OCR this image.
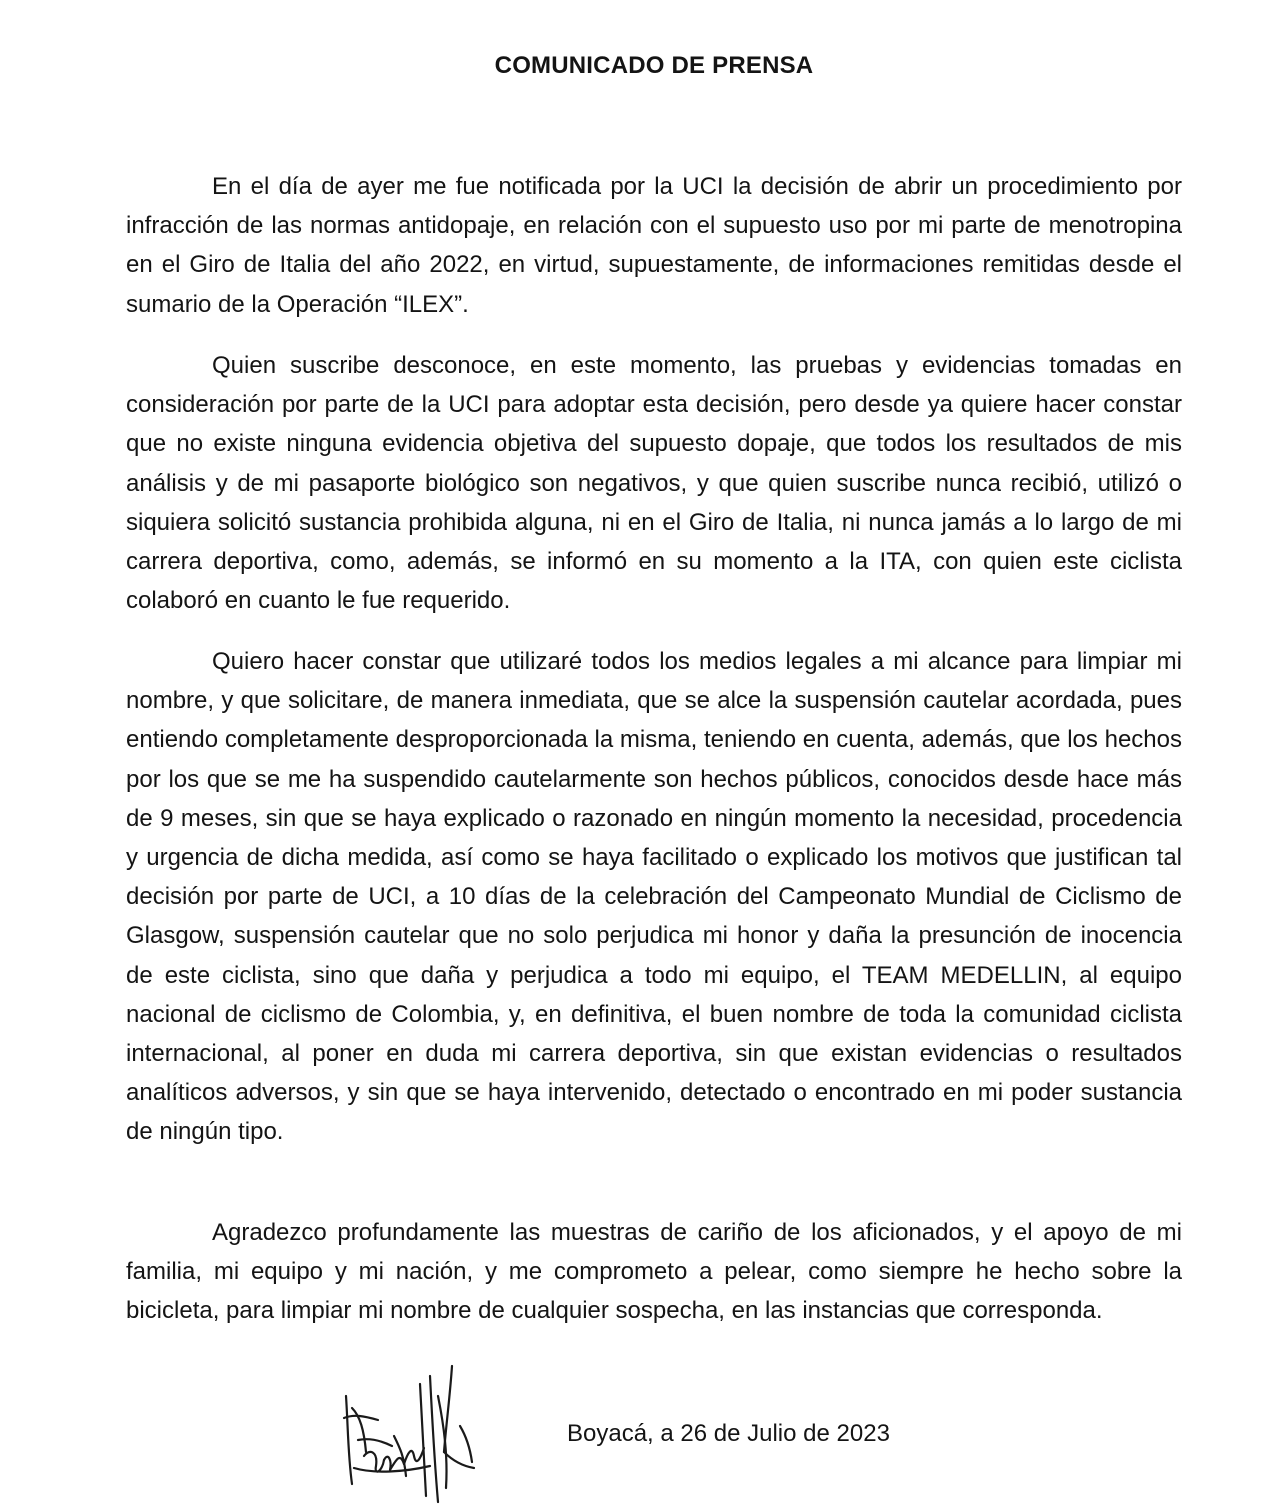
COMUNICADO DE PRENSA

En el día de ayer me fue notificada por la UCI la decisión de abrir un procedimiento por infracción de las normas antidopaje, en relación con el supuesto uso por mi parte de menotropina en el Giro de Italia del año 2022, en virtud, supuestamente, de informaciones remitidas desde el sumario de la Operación “ILEX”.

Quien suscribe desconoce, en este momento, las pruebas y evidencias tomadas en consideración por parte de la UCI para adoptar esta decisión, pero desde ya quiere hacer constar que no existe ninguna evidencia objetiva del supuesto dopaje, que todos los resultados de mis análisis y de mi pasaporte biológico son negativos, y que quien suscribe nunca recibió, utilizó o siquiera solicitó sustancia prohibida alguna, ni en el Giro de Italia, ni nunca jamás a lo largo de mi carrera deportiva, como, además, se informó en su momento a la ITA, con quien este ciclista colaboró en cuanto le fue requerido.

Quiero hacer constar que utilizaré todos los medios legales a mi alcance para limpiar mi nombre, y que solicitare, de manera inmediata, que se alce la suspensión cautelar acordada, pues entiendo completamente desproporcionada la misma, teniendo en cuenta, además, que los hechos por los que se me ha suspendido cautelarmente son hechos públicos, conocidos desde hace más de 9 meses, sin que se haya explicado o razonado en ningún momento la necesidad, procedencia y urgencia de dicha medida, así como se haya facilitado o explicado los motivos que justifican tal decisión por parte de UCI, a 10 días de la celebración del Campeonato Mundial de Ciclismo de Glasgow, suspensión cautelar que no solo perjudica mi honor y daña la presunción de inocencia de este ciclista, sino que daña y perjudica a todo mi equipo, el TEAM MEDELLIN, al equipo nacional de ciclismo de Colombia, y, en definitiva, el buen nombre de toda la comunidad ciclista internacional, al poner en duda mi carrera deportiva, sin que existan evidencias o resultados analíticos adversos, y sin que se haya intervenido, detectado o encontrado en mi poder sustancia de ningún tipo.

Agradezco profundamente las muestras de cariño de los aficionados, y el apoyo de mi familia, mi equipo y mi nación, y me comprometo a pelear, como siempre he hecho sobre la bicicleta, para limpiar mi nombre de cualquier sospecha, en las instancias que corresponda.

Boyacá, a 26 de Julio de 2023
